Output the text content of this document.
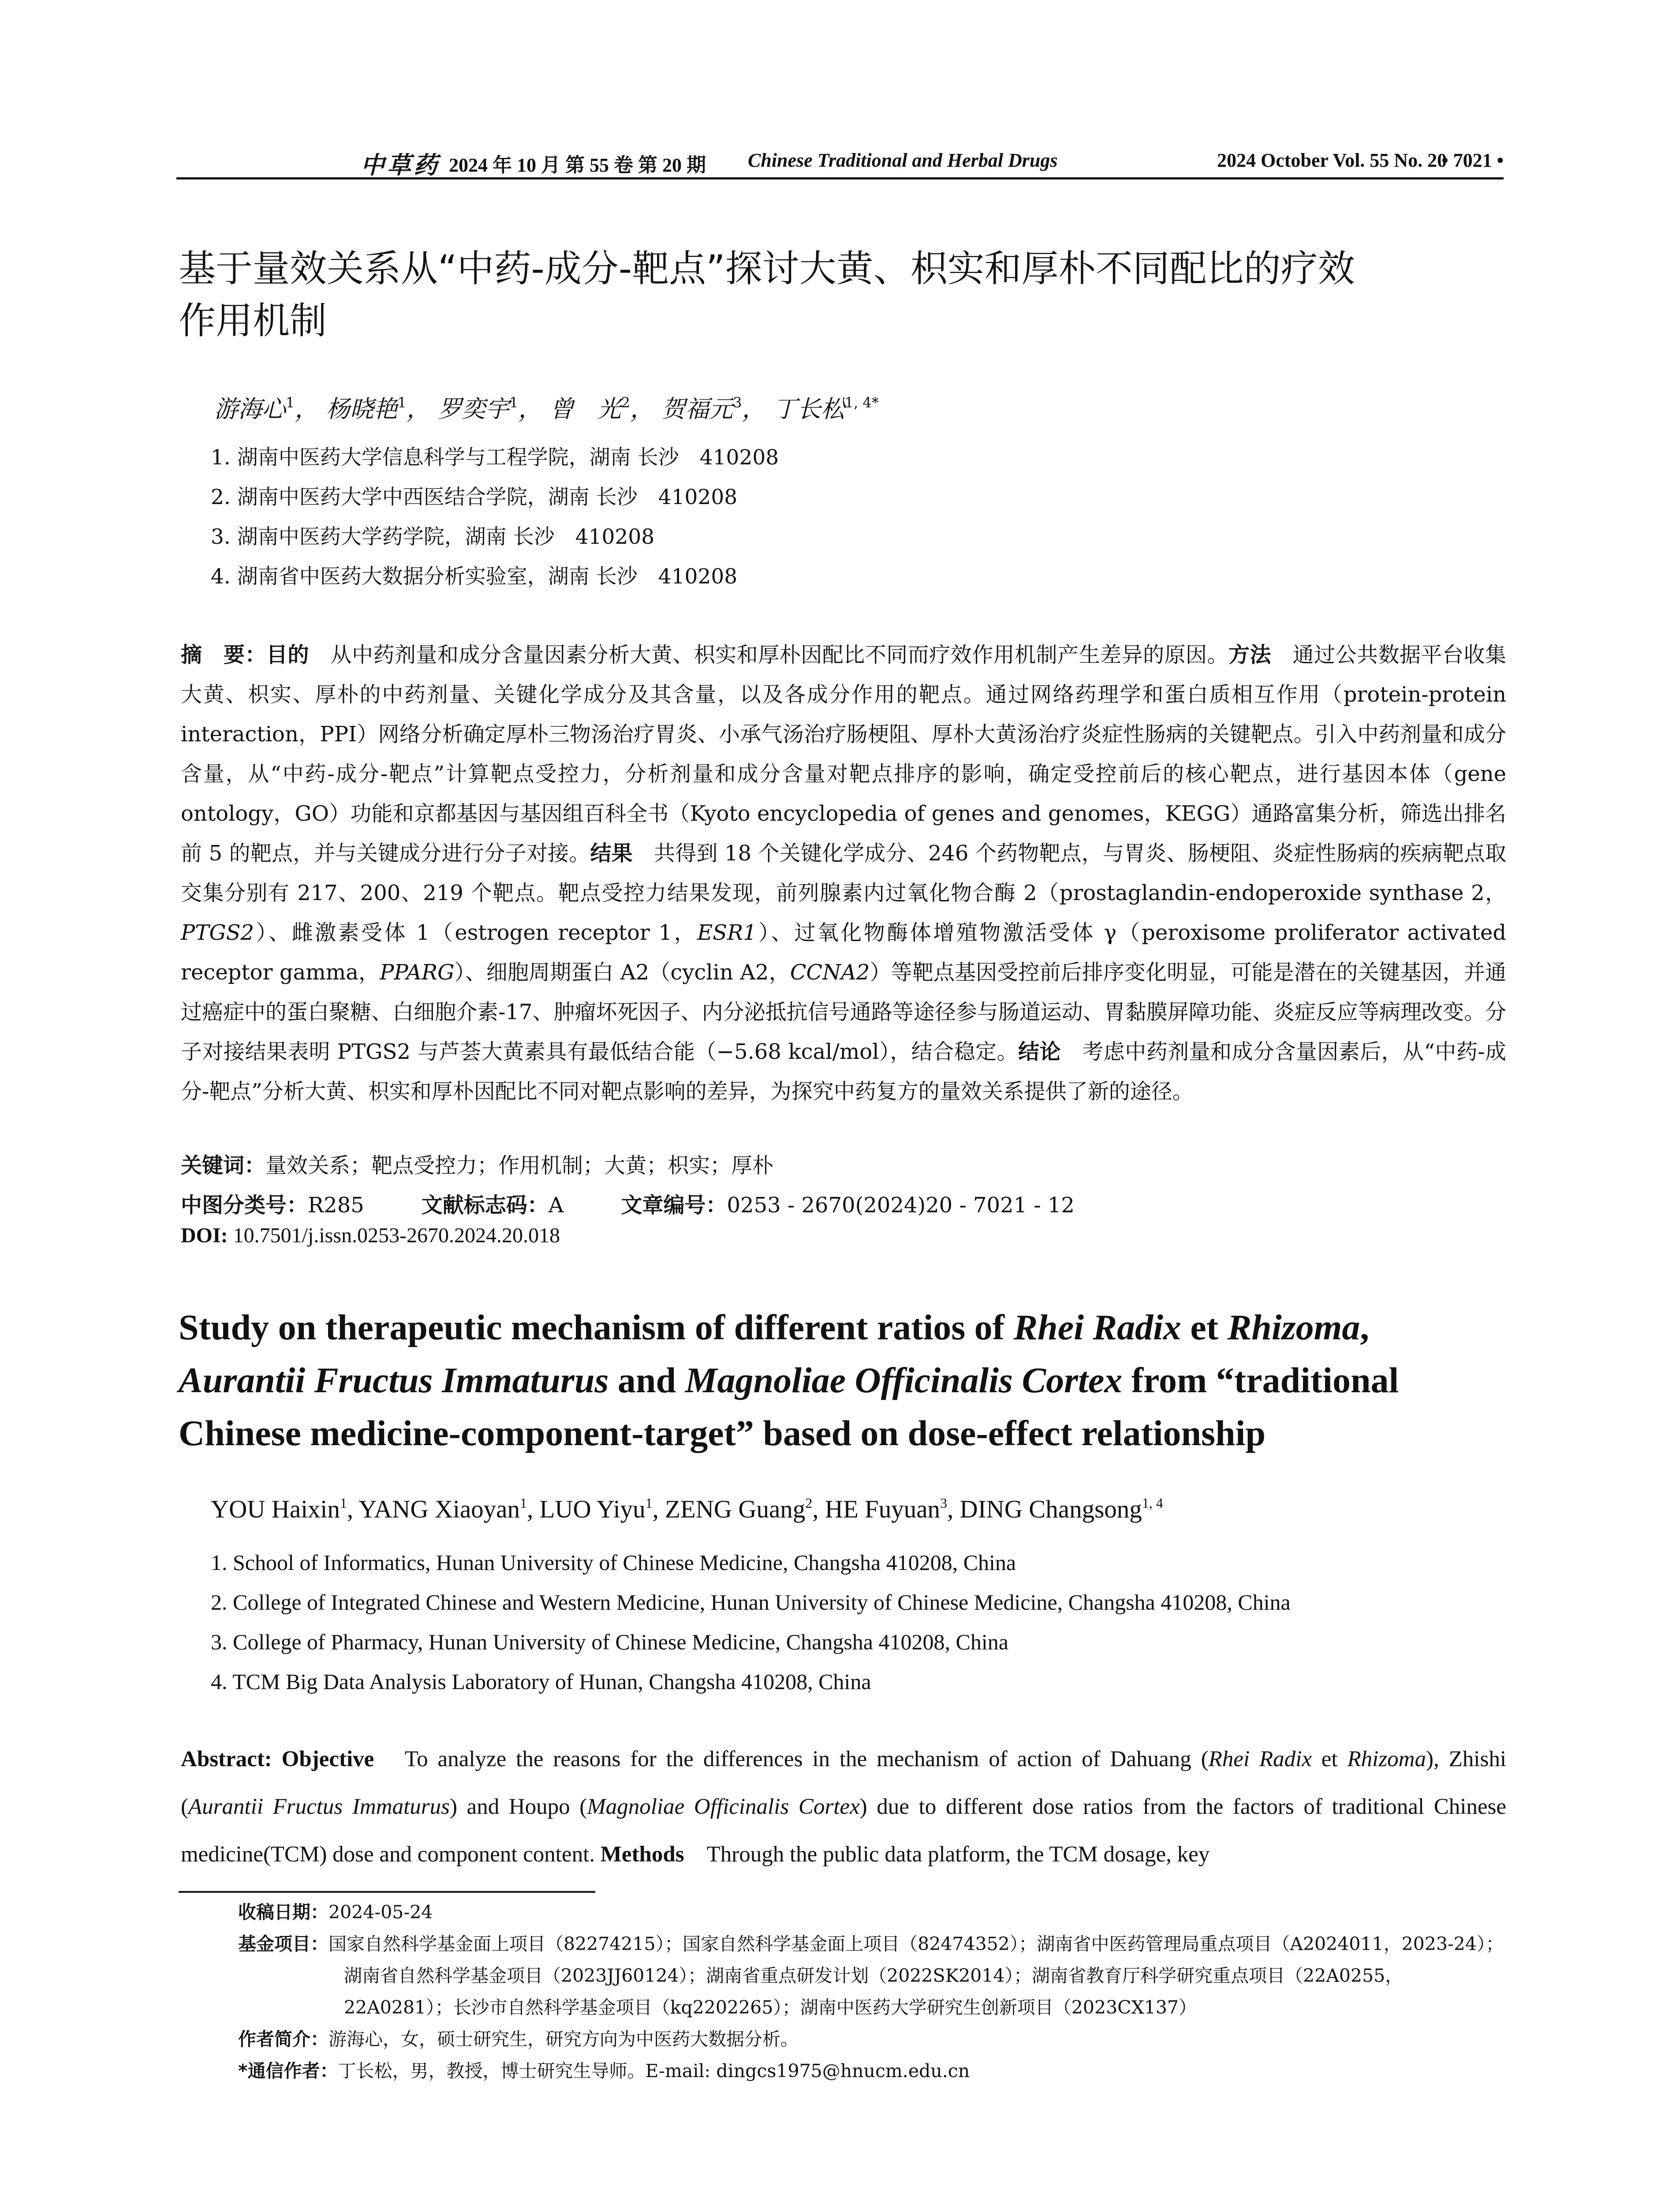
中草药 2024 年 10 月 第 55 卷 第 20 期 Chinese Traditional and Herbal Drugs	2024 October Vol. 55 No. 20
• 7021 •
基于量效关系从“中药-成分-靶点”探讨大黄、枳实和厚朴不同配比的疗效
作用机制
游海心$^1$， 杨晓艳$^1$， 罗奕宇$^1$， 曾　光$^2$， 贺福元$^3$， 丁长松$^{1, 4*}$
1. 湖南中医药大学信息科学与工程学院，湖南 长沙　410208
2. 湖南中医药大学中西医结合学院，湖南 长沙　410208
3. 湖南中医药大学药学院，湖南 长沙　410208
4. 湖南省中医药大数据分析实验室，湖南 长沙　410208

摘　要：目的　 从中药剂量和成分含量因素分析大黄、枳实和厚朴因配比不同而疗效作用机制产生差异的原因。方法　 通过公共数据平台收集大黄、枳实、厚朴的中药剂量、关键化学成分及其含量，以及各成分作用的靶点。通过网络药理学和蛋白质相互作用（protein-protein interaction，PPI）网络分析确定厚朴三物汤治疗胃炎、小承气汤治疗肠梗阻、厚朴大黄汤治疗炎症性肠病的关键靶点。引入中药剂量和成分含量，从“中药-成分-靶点”计算靶点受控力，分析剂量和成分含量对靶点排序的影响，确定受控前后的核心靶点，进行基因本体（gene ontology，GO）功能和京都基因与基因组百科全书（Kyoto encyclopedia of genes and genomes，KEGG）通路富集分析，筛选出排名前 5 的靶点，并与关键成分进行分子对接。结果　 共得到 18 个关键化学成分、246 个药物靶点，与胃炎、肠梗阻、炎症性肠病的疾病靶点取交集分别有 217、200、219 个靶点。靶点受控力结果发现，前列腺素内过氧化物合酶 2（prostaglandin-endoperoxide synthase 2，PTGS2）、雌激素受体 1（estrogen receptor 1，ESR1）、过氧化物酶体增殖物激活受体 γ（peroxisome proliferator activated receptor gamma，PPARG）、细胞周期蛋白 A2（cyclin A2，CCNA2）等靶点基因受控前后排序变化明显，可能是潜在的关键基因，并通过癌症中的蛋白聚糖、白细胞介素-17、肿瘤坏死因子、内分泌抵抗信号通路等途径参与肠道运动、胃黏膜屏障功能、炎症反应等病理改变。分子对接结果表明 PTGS2 与芦荟大黄素具有最低结合能（−5.68 kcal/mol），结合稳定。结论　 考虑中药剂量和成分含量因素后，从“中药-成分-靶点”分析大黄、枳实和厚朴因配比不同对靶点影响的差异，为探究中药复方的量效关系提供了新的途径。

关键词：量效关系；靶点受控力；作用机制；大黄；枳实；厚朴
中图分类号：R285	文献标志码：A	文章编号：0253 - 2670(2024)20 - 7021 - 12
DOI: 10.7501/j.issn.0253-2670.2024.20.018
Study on therapeutic mechanism of different ratios of Rhei Radix et Rhizoma,
Aurantii Fructus Immaturus and Magnoliae Officinalis Cortex from “traditional
Chinese medicine-component-target” based on dose-effect relationship
YOU Haixin$^1$, YANG Xiaoyan$^1$, LUO Yiyu$^1$, ZENG Guang$^2$, HE Fuyuan$^3$, DING Changsong$^{1, 4}$
1. School of Informatics, Hunan University of Chinese Medicine, Changsha 410208, China
2. College of Integrated Chinese and Western Medicine, Hunan University of Chinese Medicine, Changsha 410208, China
3. College of Pharmacy, Hunan University of Chinese Medicine, Changsha 410208, China
4. TCM Big Data Analysis Laboratory of Hunan, Changsha 410208, China
Abstract: Objective　 To analyze the reasons for the differences in the mechanism of action of Dahuang (Rhei Radix et Rhizoma), Zhishi (Aurantii Fructus Immaturus) and Houpo (Magnoliae Officinalis Cortex) due to different dose ratios from the factors of traditional Chinese medicine(TCM) dose and component content. Methods　 Through the public data platform, the TCM dosage, key
收稿日期：2024-05-24
基金项目：国家自然科学基金面上项目（82274215）；国家自然科学基金面上项目（82474352）；湖南省中医药管理局重点项目（A2024011，2023-24）；湖南省自然科学基金项目（2023JJ60124）；湖南省重点研发计划（2022SK2014）；湖南省教育厅科学研究重点项目（22A0255，22A0281）；长沙市自然科学基金项目（kq2202265）；湖南中医药大学研究生创新项目（2023CX137）
作者简介：游海心，女，硕士研究生，研究方向为中医药大数据分析。
*通信作者：丁长松，男，教授，博士研究生导师。E-mail: dingcs1975@hnucm.edu.cn
